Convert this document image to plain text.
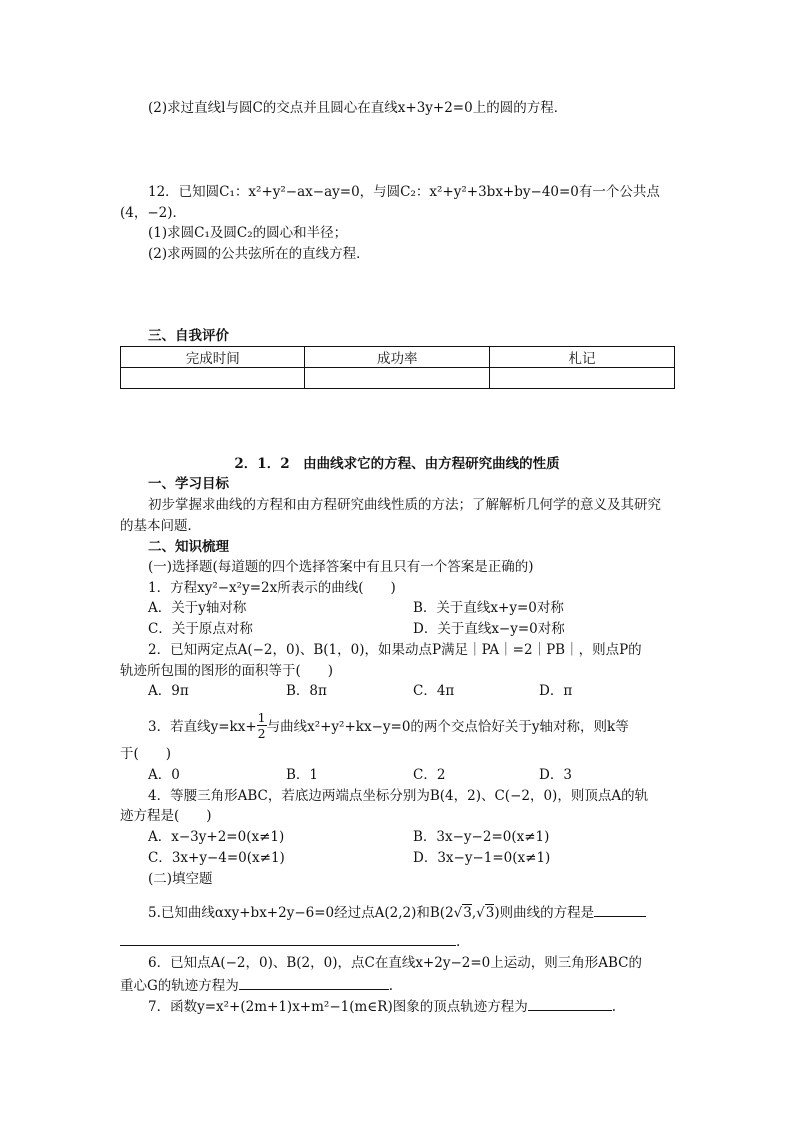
(2)求过直线l与圆C的交点并且圆心在直线x+3y+2=0上的圆的方程．
12．已知圆C₁：x²+y²−ax−ay=0，与圆C₂：x²+y²+3bx+by−40=0有一个公共点
(4，−2)．
(1)求圆C₁及圆C₂的圆心和半径；
(2)求两圆的公共弦所在的直线方程．
三、自我评价
完成时间	成功率	札记

2．1．2　由曲线求它的方程、由方程研究曲线的性质
一、学习目标
初步掌握求曲线的方程和由方程研究曲线性质的方法；了解解析几何学的意义及其研究
的基本问题．
二、知识梳理
(一)选择题(每道题的四个选择答案中有且只有一个答案是正确的)
1．方程xy²−x²y=2x所表示的曲线(　　)
A．关于y轴对称	B．关于直线x+y=0对称
C．关于原点对称	D．关于直线x−y=0对称
2．已知两定点A(−2，0)、B(1，0)，如果动点P满足｜PA｜=2｜PB｜，则点P的
轨迹所包围的图形的面积等于(　　)
A．9π	B．8π	C．4π	D．π
3．若直线$y=kx+ \frac{1}{2}$ 与曲线x²+y²+kx−y=0的两个交点恰好关于y轴对称，则k等
于(　　)
A．0	B．1	C．2	D．3
4．等腰三角形ABC，若底边两端点坐标分别为B(4，2)、C(−2，0)，则顶点A的轨
迹方程是(　　)
A．x−3y+2=0(x≠1)	B．3x−y−2=0(x≠1)
C．3x+y−4=0(x≠1)	D．3x−y−1=0(x≠1)
(二)填空题
5.已知曲线αxy+bx+2y−6=0经过点A(2,2)和B(2√3,√3)则曲线的方程是
.
6．已知点A(−2，0)、B(2，0)，点C在直线x+2y−2=0上运动，则三角形ABC的
重心G的轨迹方程为	.
7．函数y=x²+(2m+1)x+m²−1(m∈R)图象的顶点轨迹方程为	.
